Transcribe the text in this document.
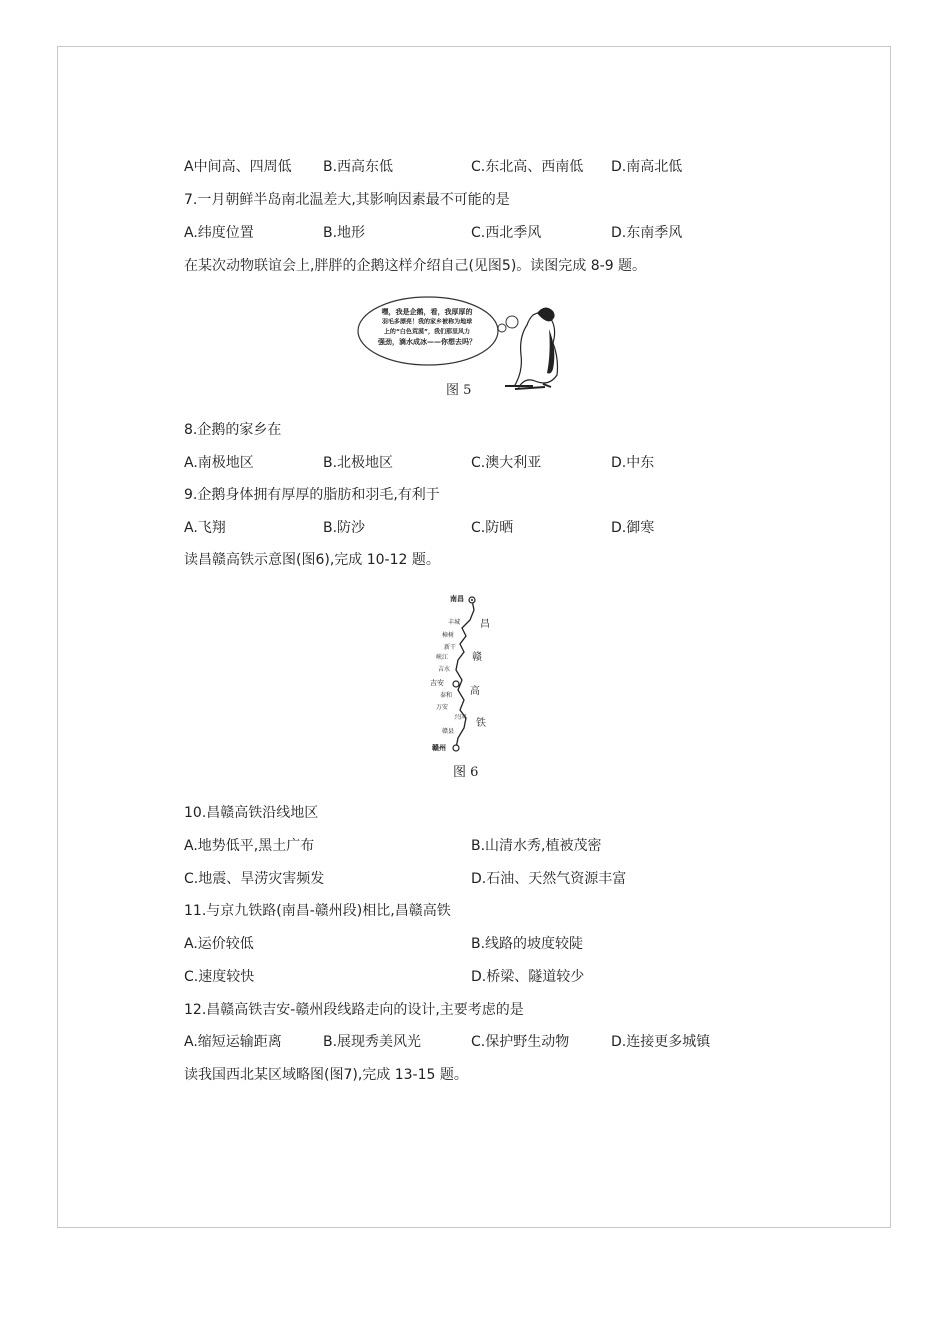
A中间高、四周低 B.西高东低	C.东北高、西南低 D.南高北低
7.一月朝鲜半岛南北温差大,其影响因素最不可能的是
A.纬度位置	B.地形	C.西北季风	D.东南季风
在某次动物联谊会上,胖胖的企鹅这样介绍自己(见图5)。读图完成 8-9 题。
嘿，我是企鹅，看，我厚厚的
羽毛多漂亮！我的家乡被称为地球
上的“白色荒漠”，我们那里风力
强劲，滴水成冰——你想去吗？
图 5
8.企鹅的家乡在
A.南极地区	B.北极地区	C.澳大利亚	D.中东
9.企鹅身体拥有厚厚的脂肪和羽毛,有利于
A.飞翔	B.防沙	C.防晒	D.御寒
读昌赣高铁示意图(图6),完成 10-12 题。
南昌
丰城
樟树
新干
峡江
吉水
吉安
泰和
万安
兴国
赣县
赣州
昌
赣
高
铁
图 6
10.昌赣高铁沿线地区
A.地势低平,黑土广布	B.山清水秀,植被茂密
C.地震、旱涝灾害频发	D.石油、天然气资源丰富
11.与京九铁路(南昌-赣州段)相比,昌赣高铁
A.运价较低	B.线路的坡度较陡
C.速度较快	D.桥梁、隧道较少
12.昌赣高铁吉安-赣州段线路走向的设计,主要考虑的是
A.缩短运输距离	B.展现秀美风光	C.保护野生动物	D.连接更多城镇
读我国西北某区域略图(图7),完成 13-15 题。
